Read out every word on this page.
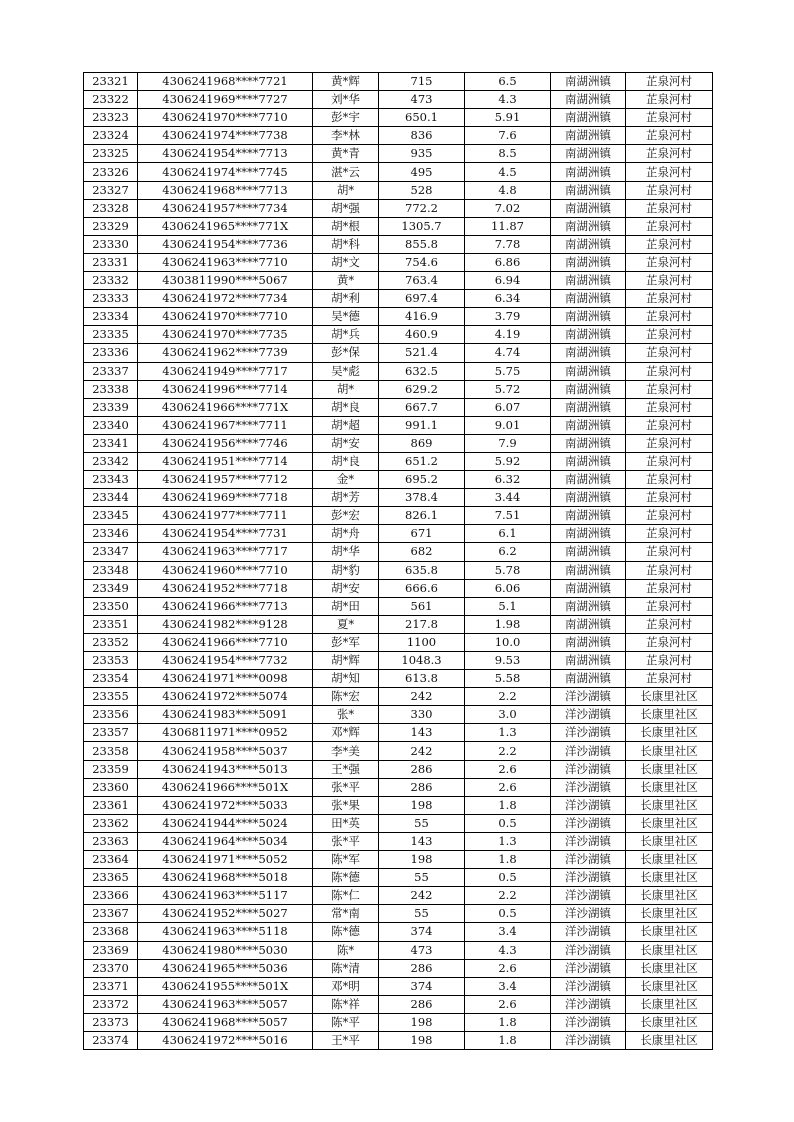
23321	4306241968****7721	黄*辉	715	6.5	南湖洲镇	芷泉河村
23322	4306241969****7727	刘*华	473	4.3	南湖洲镇	芷泉河村
23323	4306241970****7710	彭*宇	650.1	5.91	南湖洲镇	芷泉河村
23324	4306241974****7738	李*林	836	7.6	南湖洲镇	芷泉河村
23325	4306241954****7713	黄*青	935	8.5	南湖洲镇	芷泉河村
23326	4306241974****7745	湛*云	495	4.5	南湖洲镇	芷泉河村
23327	4306241968****7713	胡*	528	4.8	南湖洲镇	芷泉河村
23328	4306241957****7734	胡*强	772.2	7.02	南湖洲镇	芷泉河村
23329	4306241965****771X	胡*根	1305.7	11.87	南湖洲镇	芷泉河村
23330	4306241954****7736	胡*科	855.8	7.78	南湖洲镇	芷泉河村
23331	4306241963****7710	胡*文	754.6	6.86	南湖洲镇	芷泉河村
23332	4303811990****5067	黄*	763.4	6.94	南湖洲镇	芷泉河村
23333	4306241972****7734	胡*利	697.4	6.34	南湖洲镇	芷泉河村
23334	4306241970****7710	吴*德	416.9	3.79	南湖洲镇	芷泉河村
23335	4306241970****7735	胡*兵	460.9	4.19	南湖洲镇	芷泉河村
23336	4306241962****7739	彭*保	521.4	4.74	南湖洲镇	芷泉河村
23337	4306241949****7717	吴*彪	632.5	5.75	南湖洲镇	芷泉河村
23338	4306241996****7714	胡*	629.2	5.72	南湖洲镇	芷泉河村
23339	4306241966****771X	胡*良	667.7	6.07	南湖洲镇	芷泉河村
23340	4306241967****7711	胡*超	991.1	9.01	南湖洲镇	芷泉河村
23341	4306241956****7746	胡*安	869	7.9	南湖洲镇	芷泉河村
23342	4306241951****7714	胡*良	651.2	5.92	南湖洲镇	芷泉河村
23343	4306241957****7712	金*	695.2	6.32	南湖洲镇	芷泉河村
23344	4306241969****7718	胡*芳	378.4	3.44	南湖洲镇	芷泉河村
23345	4306241977****7711	彭*宏	826.1	7.51	南湖洲镇	芷泉河村
23346	4306241954****7731	胡*舟	671	6.1	南湖洲镇	芷泉河村
23347	4306241963****7717	胡*华	682	6.2	南湖洲镇	芷泉河村
23348	4306241960****7710	胡*豹	635.8	5.78	南湖洲镇	芷泉河村
23349	4306241952****7718	胡*安	666.6	6.06	南湖洲镇	芷泉河村
23350	4306241966****7713	胡*田	561	5.1	南湖洲镇	芷泉河村
23351	4306241982****9128	夏*	217.8	1.98	南湖洲镇	芷泉河村
23352	4306241966****7710	彭*军	1100	10.0	南湖洲镇	芷泉河村
23353	4306241954****7732	胡*辉	1048.3	9.53	南湖洲镇	芷泉河村
23354	4306241971****0098	胡*知	613.8	5.58	南湖洲镇	芷泉河村
23355	4306241972****5074	陈*宏	242	2.2	洋沙湖镇	长康里社区
23356	4306241983****5091	张*	330	3.0	洋沙湖镇	长康里社区
23357	4306811971****0952	邓*辉	143	1.3	洋沙湖镇	长康里社区
23358	4306241958****5037	李*美	242	2.2	洋沙湖镇	长康里社区
23359	4306241943****5013	王*强	286	2.6	洋沙湖镇	长康里社区
23360	4306241966****501X	张*平	286	2.6	洋沙湖镇	长康里社区
23361	4306241972****5033	张*果	198	1.8	洋沙湖镇	长康里社区
23362	4306241944****5024	田*英	55	0.5	洋沙湖镇	长康里社区
23363	4306241964****5034	张*平	143	1.3	洋沙湖镇	长康里社区
23364	4306241971****5052	陈*军	198	1.8	洋沙湖镇	长康里社区
23365	4306241968****5018	陈*德	55	0.5	洋沙湖镇	长康里社区
23366	4306241963****5117	陈*仁	242	2.2	洋沙湖镇	长康里社区
23367	4306241952****5027	常*南	55	0.5	洋沙湖镇	长康里社区
23368	4306241963****5118	陈*德	374	3.4	洋沙湖镇	长康里社区
23369	4306241980****5030	陈*	473	4.3	洋沙湖镇	长康里社区
23370	4306241965****5036	陈*清	286	2.6	洋沙湖镇	长康里社区
23371	4306241955****501X	邓*明	374	3.4	洋沙湖镇	长康里社区
23372	4306241963****5057	陈*祥	286	2.6	洋沙湖镇	长康里社区
23373	4306241968****5057	陈*平	198	1.8	洋沙湖镇	长康里社区
23374	4306241972****5016	王*平	198	1.8	洋沙湖镇	长康里社区
